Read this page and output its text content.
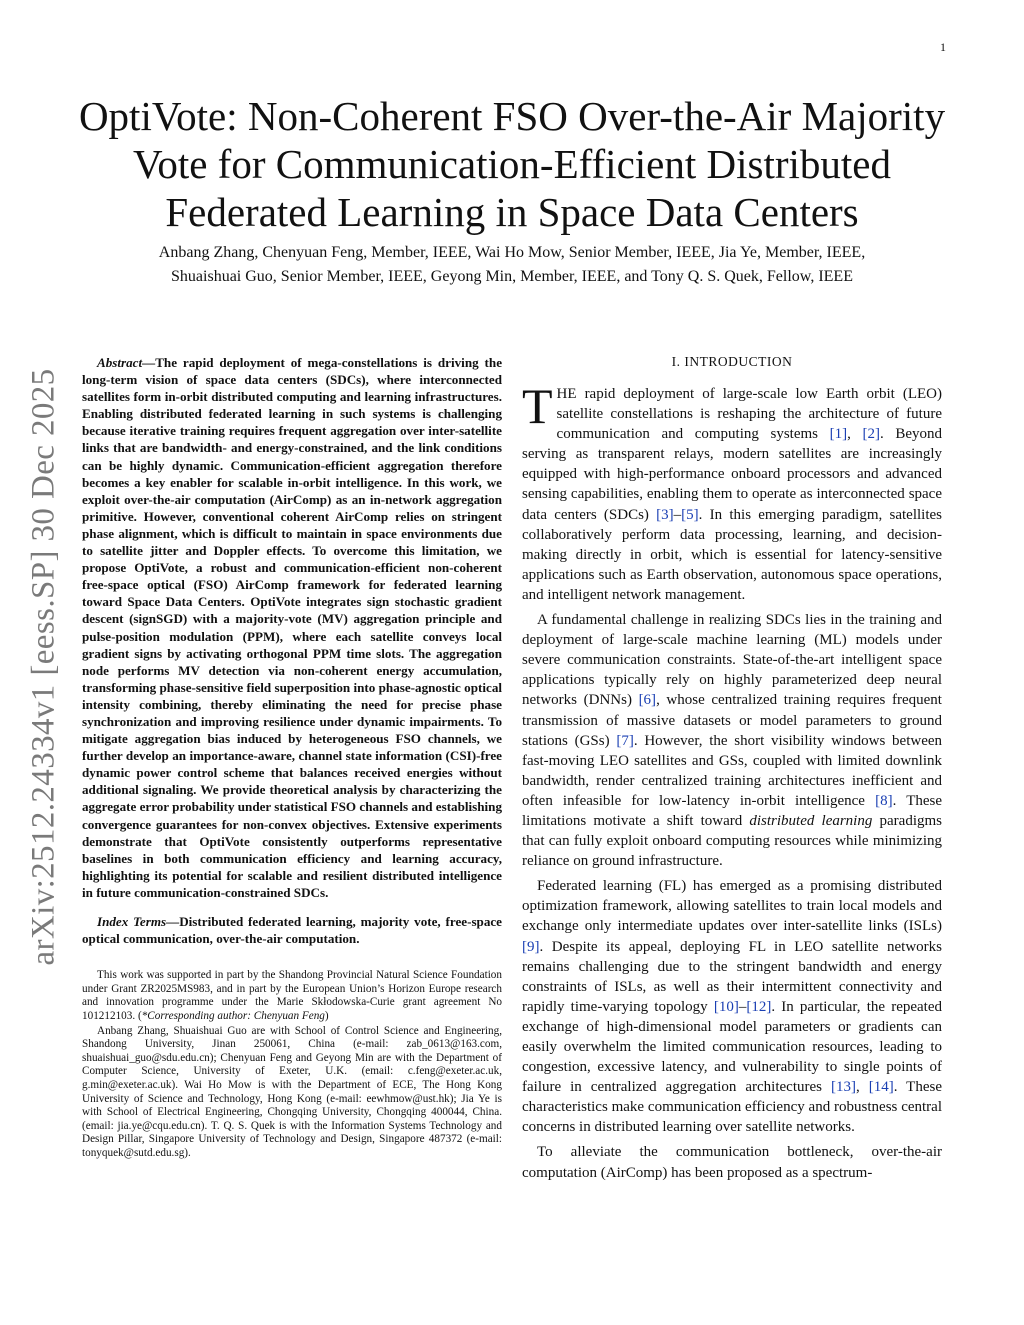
1
arXiv:2512.24334v1 [eess.SP] 30 Dec 2025
OptiVote: Non-Coherent FSO Over-the-Air Majority
Vote for Communication-Efficient Distributed
Federated Learning in Space Data Centers
Anbang Zhang, Chenyuan Feng, Member, IEEE, Wai Ho Mow, Senior Member, IEEE, Jia Ye, Member, IEEE,
Shuaishuai Guo, Senior Member, IEEE, Geyong Min, Member, IEEE, and Tony Q. S. Quek, Fellow, IEEE

Abstract—The rapid deployment of mega-constellations is driving the long-term vision of space data centers (SDCs), where interconnected satellites form in-orbit distributed computing and learning infrastructures. Enabling distributed federated learning in such systems is challenging because iterative training requires frequent aggregation over inter-satellite links that are bandwidth- and energy-constrained, and the link conditions can be highly dynamic. Communication-efficient aggregation therefore becomes a key enabler for scalable in-orbit intelligence. In this work, we exploit over-the-air computation (AirComp) as an in-network aggregation primitive. However, conventional coherent AirComp relies on stringent phase alignment, which is difficult to maintain in space environments due to satellite jitter and Doppler effects. To overcome this limitation, we propose OptiVote, a robust and communication-efficient non-coherent free-space optical (FSO) AirComp framework for federated learning toward Space Data Centers. OptiVote integrates sign stochastic gradient descent (signSGD) with a majority-vote (MV) aggregation principle and pulse-position modulation (PPM), where each satellite conveys local gradient signs by activating orthogonal PPM time slots. The aggregation node performs MV detection via non-coherent energy accumulation, transforming phase-sensitive field superposition into phase-agnostic optical intensity combining, thereby eliminating the need for precise phase synchronization and improving resilience under dynamic impairments. To mitigate aggregation bias induced by heterogeneous FSO channels, we further develop an importance-aware, channel state information (CSI)-free dynamic power control scheme that balances received energies without additional signaling. We provide theoretical analysis by characterizing the aggregate error probability under statistical FSO channels and establishing convergence guarantees for non-convex objectives. Extensive experiments demonstrate that OptiVote consistently outperforms representative baselines in both communication efficiency and learning accuracy, highlighting its potential for scalable and resilient distributed intelligence in future communication-constrained SDCs.

Index Terms—Distributed federated learning, majority vote, free-space optical communication, over-the-air computation.

This work was supported in part by the Shandong Provincial Natural Science Foundation under Grant ZR2025MS983, and in part by the European Union’s Horizon Europe research and innovation programme under the Marie Skłodowska-Curie grant agreement No 101212103. (*Corresponding author: Chenyuan Feng)

Anbang Zhang, Shuaishuai Guo are with School of Control Science and Engineering, Shandong University, Jinan 250061, China (e-mail: zab_0613@163.com, shuaishuai_guo@sdu.edu.cn); Chenyuan Feng and Geyong Min are with the Department of Computer Science, University of Exeter, U.K. (email: c.feng@exeter.ac.uk, g.min@exeter.ac.uk). Wai Ho Mow is with the Department of ECE, The Hong Kong University of Science and Technology, Hong Kong (e-mail: eewhmow@ust.hk); Jia Ye is with School of Electrical Engineering, Chongqing University, Chongqing 400044, China. (email: jia.ye@cqu.edu.cn). T. Q. S. Quek is with the Information Systems Technology and Design Pillar, Singapore University of Technology and Design, Singapore 487372 (e-mail: tonyquek@sutd.edu.sg).

I. INTRODUCTION

THE rapid deployment of large-scale low Earth orbit (LEO) satellite constellations is reshaping the architecture of future communication and computing systems [1], [2]. Beyond serving as transparent relays, modern satellites are increasingly equipped with high-performance onboard processors and advanced sensing capabilities, enabling them to operate as interconnected space data centers (SDCs) [3]–[5]. In this emerging paradigm, satellites collaboratively perform data processing, learning, and decision-making directly in orbit, which is essential for latency-sensitive applications such as Earth observation, autonomous space operations, and intelligent network management.

A fundamental challenge in realizing SDCs lies in the training and deployment of large-scale machine learning (ML) models under severe communication constraints. State-of-the-art intelligent space applications typically rely on highly parameterized deep neural networks (DNNs) [6], whose centralized training requires frequent transmission of massive datasets or model parameters to ground stations (GSs) [7]. However, the short visibility windows between fast-moving LEO satellites and GSs, coupled with limited downlink bandwidth, render centralized training architectures inefficient and often infeasible for low-latency in-orbit intelligence [8]. These limitations motivate a shift toward distributed learning paradigms that can fully exploit onboard computing resources while minimizing reliance on ground infrastructure.

Federated learning (FL) has emerged as a promising distributed optimization framework, allowing satellites to train local models and exchange only intermediate updates over inter-satellite links (ISLs) [9]. Despite its appeal, deploying FL in LEO satellite networks remains challenging due to the stringent bandwidth and energy constraints of ISLs, as well as their intermittent connectivity and rapidly time-varying topology [10]–[12]. In particular, the repeated exchange of high-dimensional model parameters or gradients can easily overwhelm the limited communication resources, leading to congestion, excessive latency, and vulnerability to single points of failure in centralized aggregation architectures [13], [14]. These characteristics make communication efficiency and robustness central concerns in distributed learning over satellite networks.

To alleviate the communication bottleneck, over-the-air computation (AirComp) has been proposed as a spectrum-
